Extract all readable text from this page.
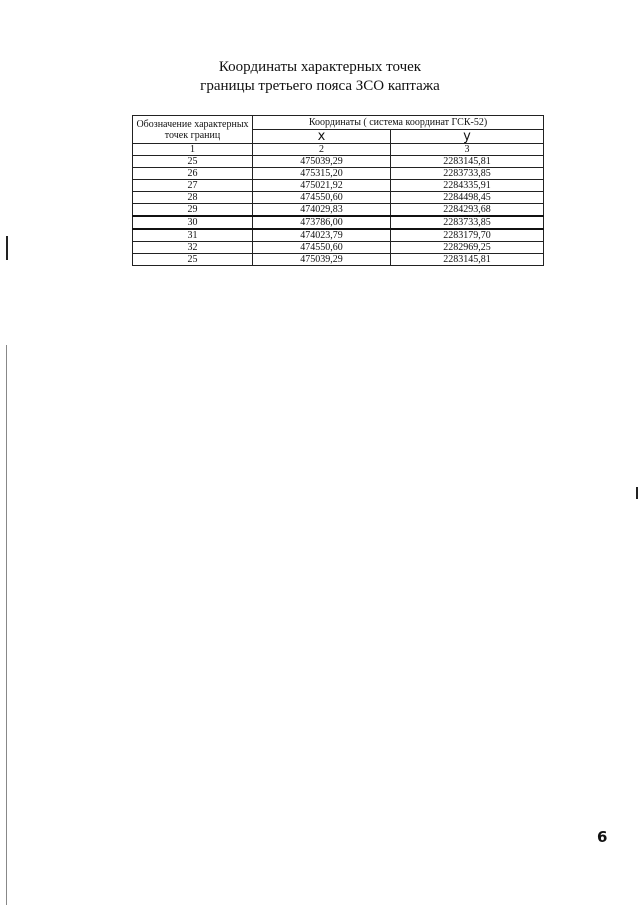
Координаты характерных точек
границы третьего пояса ЗСО каптажа
Обозначение характерных точек границ	Координаты ( система координат ГСК-52)	
	х	у
1	2	3
25	475039,29	2283145,81
26	475315,20	2283733,85
27	475021,92	2284335,91
28	474550,60	2284498,45
29	474029,83	2284293,68
30	473786,00	2283733,85
31	474023,79	2283179,70
32	474550,60	2282969,25
25	475039,29	2283145,81
6
